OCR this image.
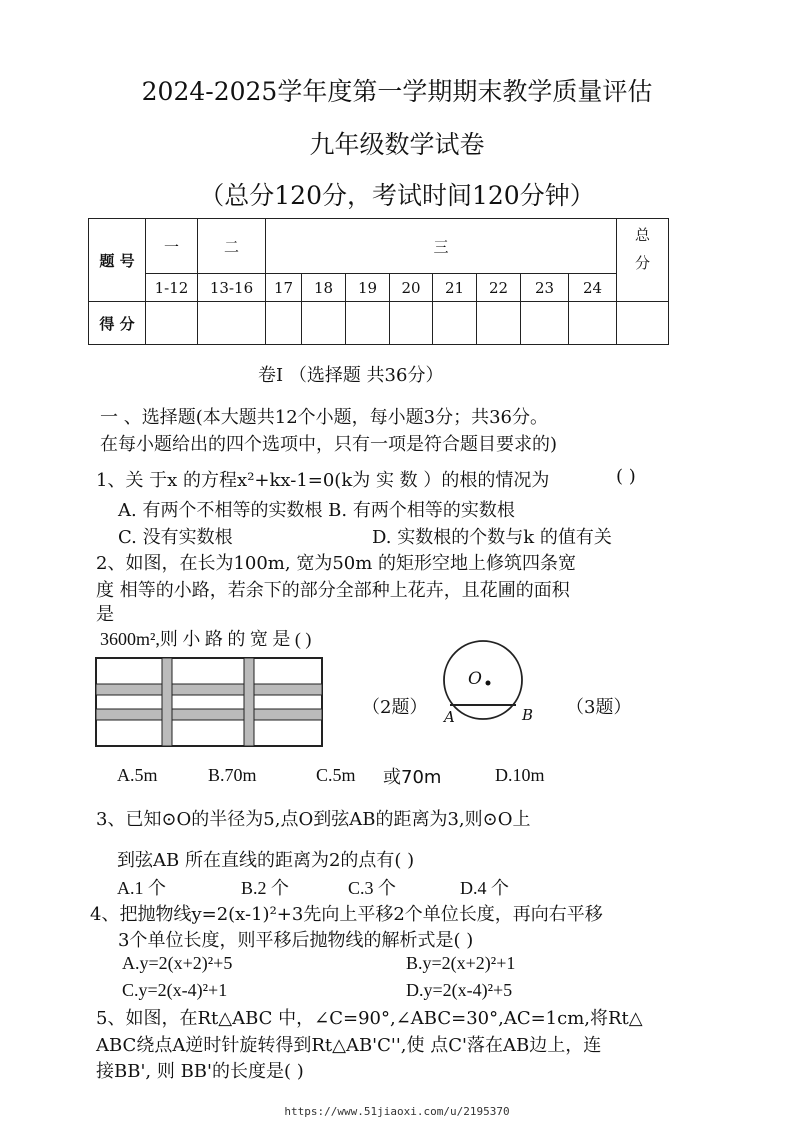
2024-2025学年度第一学期期末教学质量评估
九年级数学试卷
（总分120分，考试时间120分钟）
题 号	一	二	三								总
分
	1-12	13-16	17	18	19	20	21	22	23	24	
得 分											
卷I （选择题 共36分）
一 、选择题(本大题共12个小题，每小题3分；共36分。
在每小题给出的四个选项中，只有一项是符合题目要求的)
1、关 于x 的方程x²+kx-1=0(k为 实 数 ）的根的情况为	( )
A. 有两个不相等的实数根 B. 有两个相等的实数根
C. 没有实数根	D. 实数根的个数与k 的值有关
2、如图，在长为100m, 宽为50m 的矩形空地上修筑四条宽
度 相等的小路，若余下的部分全部种上花卉，且花圃的面积
是
3600m²,则 小 路 的 宽 是 ( )
（2题）
O
A	B （3题）
A.5m	B.70m	C.5m 或70m	D.10m
3、已知⊙O的半径为5,点O到弦AB的距离为3,则⊙O上
到弦AB 所在直线的距离为2的点有( )
A.1 个	B.2 个	C.3 个	D.4 个
4、把抛物线y=2(x-1)²+3先向上平移2个单位长度，再向右平移
3个单位长度，则平移后抛物线的解析式是( )
A.y=2(x+2)²+5	B.y=2(x+2)²+1
C.y=2(x-4)²+1	D.y=2(x-4)²+5
5、如图，在Rt△ABC 中，∠C=90°,∠ABC=30°,AC=1cm,将Rt△
ABC绕点A逆时针旋转得到Rt△AB'C'',使 点C'落在AB边上，连
接BB', 则 BB'的长度是( )
https://www.51jiaoxi.com/u/2195370
